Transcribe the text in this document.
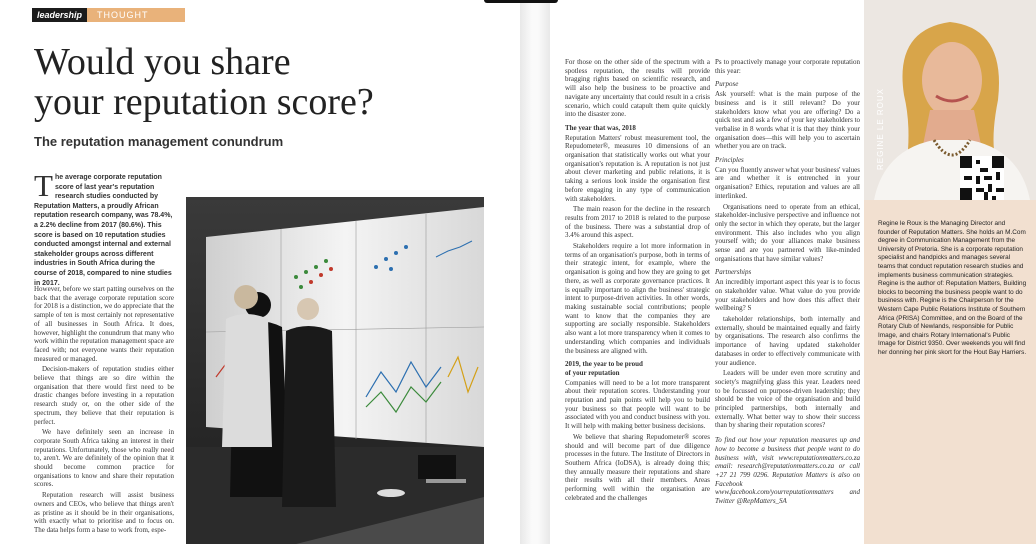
leadership	THOUGHT LEADER
Would you share
your reputation score?
The reputation management conundrum
T he average corporate reputation score of last year's reputation research studies conducted by Reputation Matters, a proudly African reputation research company, was 78.4%, a 2.2% decline from 2017 (80.6%). This score is based on 10 reputation studies conducted amongst internal and external stakeholder groups across different industries in South Africa during the course of 2018, compared to nine studies in 2017.

However, before we start patting ourselves on the back that the average corporate reputation score for 2018 is a distinction, we do appreciate that the sample of ten is most certainly not representative of all businesses in South Africa. It does, however, highlight the conundrum that many who work within the reputation management space are faced with; not everyone wants their reputation measured or managed.

Decision-makers of reputation studies either believe that things are so dire within the organisation that there would first need to be drastic changes before investing in a reputation research study or, on the other side of the spectrum, they believe that their reputation is perfect.

We have definitely seen an increase in corporate South Africa taking an interest in their reputations. Unfortunately, those who really need to, aren't. We are definitely of the opinion that it should become common practice for organisations to know and share their reputation scores.

Reputation research will assist business owners and CEOs, who believe that things aren't as pristine as it should be in their organisations, with exactly what to prioritise and to focus on. The data helps form a base to work from, espe-

For those on the other side of the spectrum with a spotless reputation, the results will provide bragging rights based on scientific research, and will also help the business to be proactive and navigate any uncertainty that could result in a crisis scenario, which could catapult them quite quickly into the disaster zone.

The year that was, 2018

Reputation Matters' robust measurement tool, the Repudometer®, measures 10 dimensions of an organisation that statistically works out what your organisation's reputation is. A reputation is not just about clever marketing and public relations, it is taking a serious look inside the organisation first before engaging in any type of communication with stakeholders.

The main reason for the decline in the research results from 2017 to 2018 is related to the purpose of the business. There was a substantial drop of 3.4% around this aspect.

Stakeholders require a lot more information in terms of an organisation's purpose, both in terms of their strategic intent, for example, where the organisation is going and how they are going to get there, as well as corporate governance practices. It is equally important to align the business' strategic intent to purpose-driven activities. In other words, making sustainable social contributions; people want to know that the companies they are supporting are socially responsible. Stakeholders also want a lot more transparency when it comes to understanding which companies and individuals the business are aligned with.

2019, the year to be proud
of your reputation

Companies will need to be a lot more transparent about their reputation scores. Understanding your reputation and pain points will help you to build your business so that people will want to be associated with you and conduct business with you. It will help with making better business decisions.

We believe that sharing Repudometer® scores should and will become part of due diligence processes in the future. The Institute of Directors in Southern Africa (IoDSA), is already doing this; they annually measure their reputations and share their results with all their members. Areas performing well within the organisation are celebrated and the challenges

Ps to proactively manage your corporate reputation this year:

Purpose

Ask yourself: what is the main purpose of the business and is it still relevant? Do your stakeholders know what you are offering? Do a quick test and ask a few of your key stakeholders to verbalise in 8 words what it is that they think your organisation does—this will help you to ascertain whether you are on track.

Principles

Can you fluently answer what your business' values are and whether it is entrenched in your organisation? Ethics, reputation and values are all interlinked.

Organisations need to operate from an ethical, stakeholder-inclusive perspective and influence not only the sector in which they operate, but the larger environment. This also includes who you align yourself with; do your alliances make business sense and are you partnered with like-minded organisations that have similar values?

Partnerships

An incredibly important aspect this year is to focus on stakeholder value. What value do you provide your stakeholders and how does this affect their wellbeing? S

takeholder relationships, both internally and externally, should be maintained equally and fairly by organisations. The research also confirms the importance of having updated stakeholder databases in order to effectively communicate with your audience.

Leaders will be under even more scrutiny and society's magnifying glass this year. Leaders need to be focussed on purpose-driven leadership; they should be the voice of the organisation and build principled partnerships, both internally and externally. What better way to show their success than by sharing their reputation scores?

To find out how your reputation measures up and how to become a business that people want to do business with, visit www.reputationmatters.co.za email: research@reputationmatters.co.za or call +27 21 799 0296. Reputation Matters is also on Facebook www.facebook.com/yourreputationmatters and Twitter @RepMatters_SA

REGINE LE ROUX
Regine le Roux is the Managing Director and founder of Reputation Matters. She holds an M.Com degree in Communication Management from the University of Pretoria. She is a corporate reputation specialist and handpicks and manages several teams that conduct reputation research studies and implements business communication strategies. Regine is the author of: Reputation Matters, Building blocks to becoming the business people want to do business with. Regine is the Chairperson for the Western Cape Public Relations Institute of Southern Africa (PRISA) Committee, and on the Board of the Rotary Club of Newlands, responsible for Public Image, and chairs Rotary International's Public Image for District 9350. Over weekends you will find her donning her pink skort for the Hout Bay Harriers.
